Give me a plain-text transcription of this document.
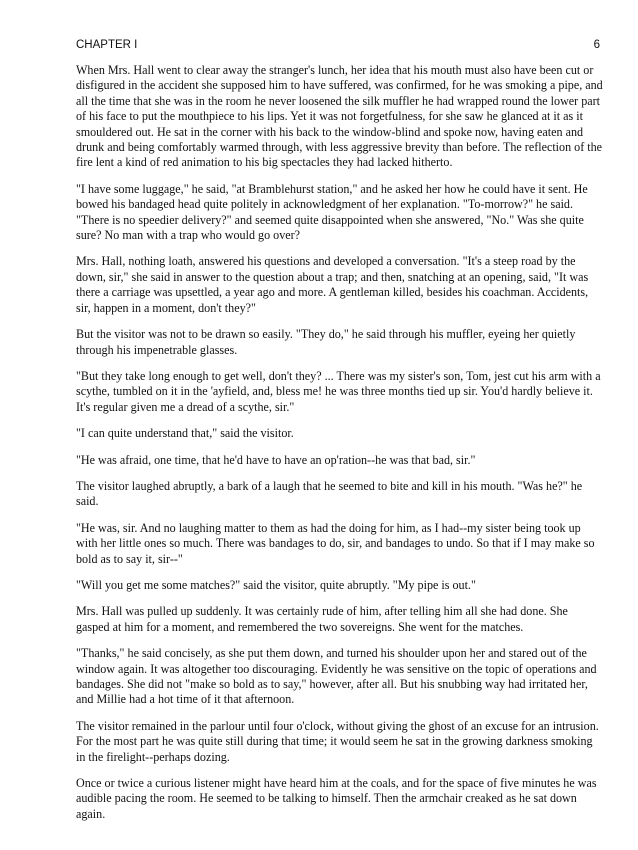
CHAPTER I	6

When Mrs. Hall went to clear away the stranger's lunch, her idea that his mouth must also have been cut or disfigured in the accident she supposed him to have suffered, was confirmed, for he was smoking a pipe, and all the time that she was in the room he never loosened the silk muffler he had wrapped round the lower part of his face to put the mouthpiece to his lips. Yet it was not forgetfulness, for she saw he glanced at it as it smouldered out. He sat in the corner with his back to the window-blind and spoke now, having eaten and drunk and being comfortably warmed through, with less aggressive brevity than before. The reflection of the fire lent a kind of red animation to his big spectacles they had lacked hitherto.

"I have some luggage," he said, "at Bramblehurst station," and he asked her how he could have it sent. He bowed his bandaged head quite politely in acknowledgment of her explanation. "To-morrow?" he said. "There is no speedier delivery?" and seemed quite disappointed when she answered, "No." Was she quite sure? No man with a trap who would go over?

Mrs. Hall, nothing loath, answered his questions and developed a conversation. "It's a steep road by the down, sir," she said in answer to the question about a trap; and then, snatching at an opening, said, "It was there a carriage was upsettled, a year ago and more. A gentleman killed, besides his coachman. Accidents, sir, happen in a moment, don't they?"

But the visitor was not to be drawn so easily. "They do," he said through his muffler, eyeing her quietly through his impenetrable glasses.

"But they take long enough to get well, don't they? ... There was my sister's son, Tom, jest cut his arm with a scythe, tumbled on it in the 'ayfield, and, bless me! he was three months tied up sir. You'd hardly believe it. It's regular given me a dread of a scythe, sir."

"I can quite understand that," said the visitor.

"He was afraid, one time, that he'd have to have an op'ration--he was that bad, sir."

The visitor laughed abruptly, a bark of a laugh that he seemed to bite and kill in his mouth. "Was he?" he said.

"He was, sir. And no laughing matter to them as had the doing for him, as I had--my sister being took up with her little ones so much. There was bandages to do, sir, and bandages to undo. So that if I may make so bold as to say it, sir--"

"Will you get me some matches?" said the visitor, quite abruptly. "My pipe is out."

Mrs. Hall was pulled up suddenly. It was certainly rude of him, after telling him all she had done. She gasped at him for a moment, and remembered the two sovereigns. She went for the matches.

"Thanks," he said concisely, as she put them down, and turned his shoulder upon her and stared out of the window again. It was altogether too discouraging. Evidently he was sensitive on the topic of operations and bandages. She did not "make so bold as to say," however, after all. But his snubbing way had irritated her, and Millie had a hot time of it that afternoon.

The visitor remained in the parlour until four o'clock, without giving the ghost of an excuse for an intrusion. For the most part he was quite still during that time; it would seem he sat in the growing darkness smoking in the firelight--perhaps dozing.

Once or twice a curious listener might have heard him at the coals, and for the space of five minutes he was audible pacing the room. He seemed to be talking to himself. Then the armchair creaked as he sat down again.
